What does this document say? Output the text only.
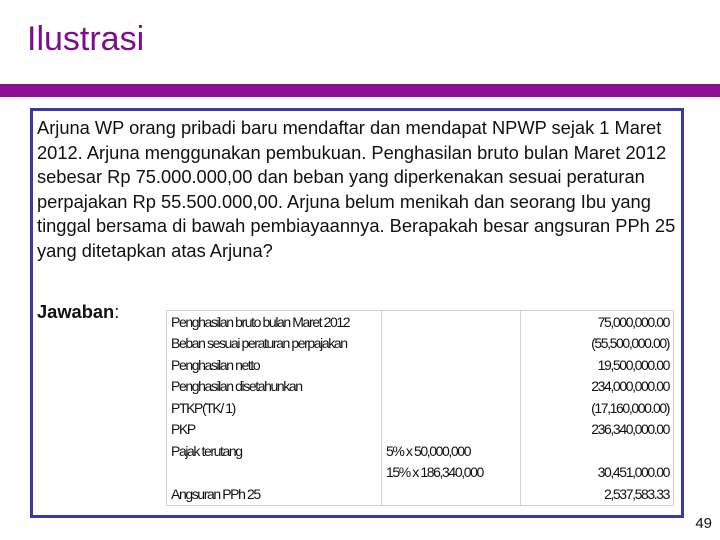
Ilustrasi

Arjuna WP orang pribadi baru mendaftar dan mendapat NPWP sejak 1 Maret 2012. Arjuna menggunakan pembukuan. Penghasilan bruto bulan Maret 2012 sebesar Rp 75.000.000,00 dan beban yang diperkenakan sesuai peraturan perpajakan Rp 55.500.000,00. Arjuna belum menikah dan seorang Ibu yang tinggal bersama di bawah pembiayaannya. Berapakah besar angsuran PPh 25 yang ditetapkan atas Arjuna?

Jawaban:	Penghasilan bruto bulan Maret 2012		75,000,000.00
Beban sesuai peraturan perpajakan		(55,500,000.00)
Penghasilan netto		19,500,000.00
Penghasilan disetahunkan		234,000,000.00
PTKP(TK/ 1)		(17,160,000.00)
PKP		236,340,000.00
Pajak terutang	5% x 50,000,000	
	15% x 186,340,000	30,451,000.00
Angsuran PPh 25		2,537,583.33
49
